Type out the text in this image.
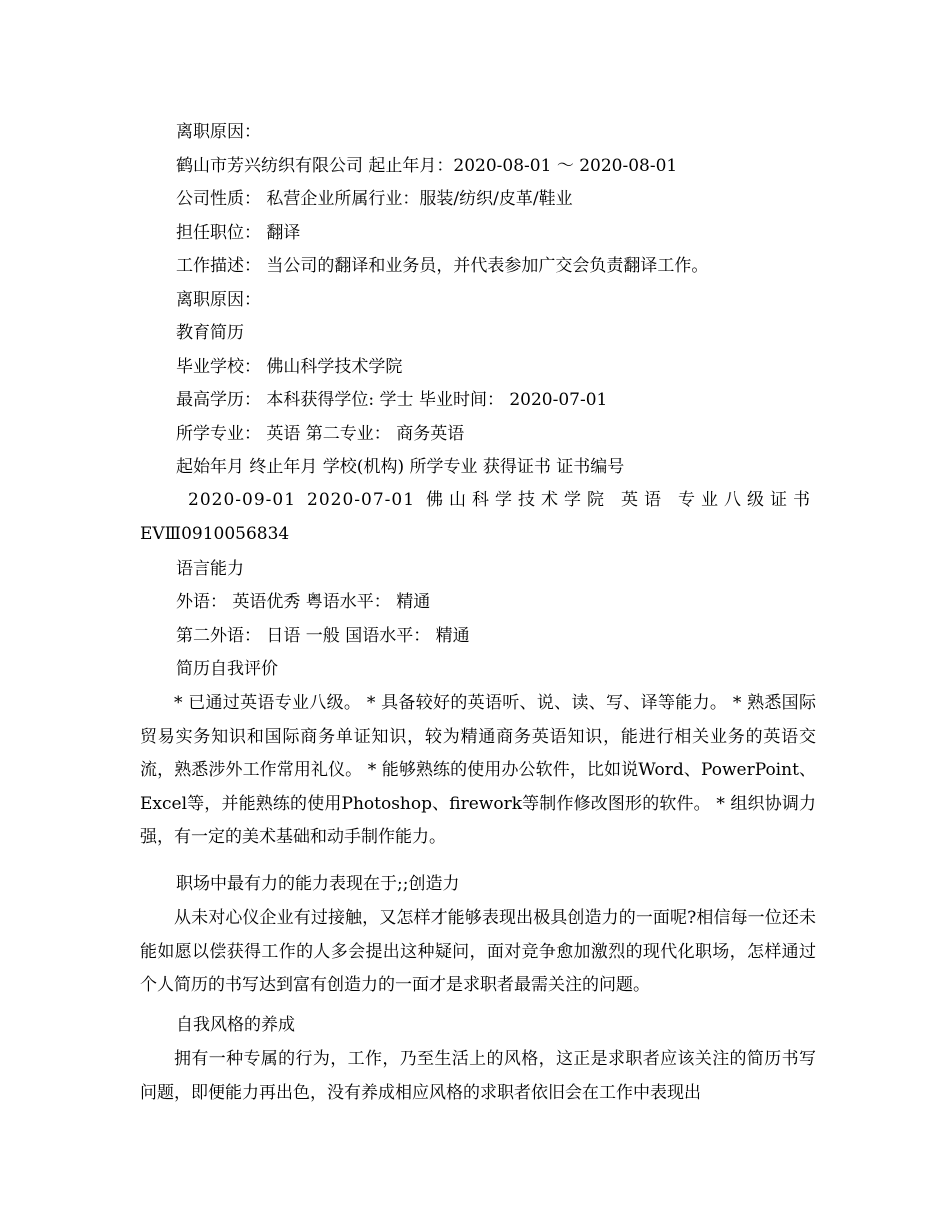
离职原因：
鹤山市芳兴纺织有限公司 起止年月：2020-08-01 ～ 2020-08-01
公司性质： 私营企业所属行业：服装/纺织/皮革/鞋业
担任职位： 翻译
工作描述： 当公司的翻译和业务员，并代表参加广交会负责翻译工作。
离职原因：
教育简历
毕业学校： 佛山科学技术学院
最高学历： 本科获得学位: 学士 毕业时间： 2020-07-01
所学专业： 英语 第二专业： 商务英语
起始年月 终止年月 学校(机构) 所学专业 获得证书 证书编号
2020-09-01 2020-07-01 佛山科学技术学院 英语 专业八级证书
EVⅢ0910056834
语言能力
外语： 英语优秀 粤语水平： 精通
第二外语： 日语 一般 国语水平： 精通
简历自我评价
* 已通过英语专业八级。 * 具备较好的英语听、说、读、写、译等能力。 * 熟悉国际贸易实务知识和国际商务单证知识，较为精通商务英语知识，能进行相关业务的英语交流，熟悉涉外工作常用礼仪。 * 能够熟练的使用办公软件，比如说Word、PowerPoint、Excel等，并能熟练的使用Photoshop、firework等制作修改图形的软件。 * 组织协调力强，有一定的美术基础和动手制作能力。
职场中最有力的能力表现在于;;创造力
从未对心仪企业有过接触，又怎样才能够表现出极具创造力的一面呢?相信每一位还未能如愿以偿获得工作的人多会提出这种疑问，面对竞争愈加激烈的现代化职场，怎样通过个人简历的书写达到富有创造力的一面才是求职者最需关注的问题。
自我风格的养成
拥有一种专属的行为，工作，乃至生活上的风格，这正是求职者应该关注的简历书写问题，即便能力再出色，没有养成相应风格的求职者依旧会在工作中表现出
